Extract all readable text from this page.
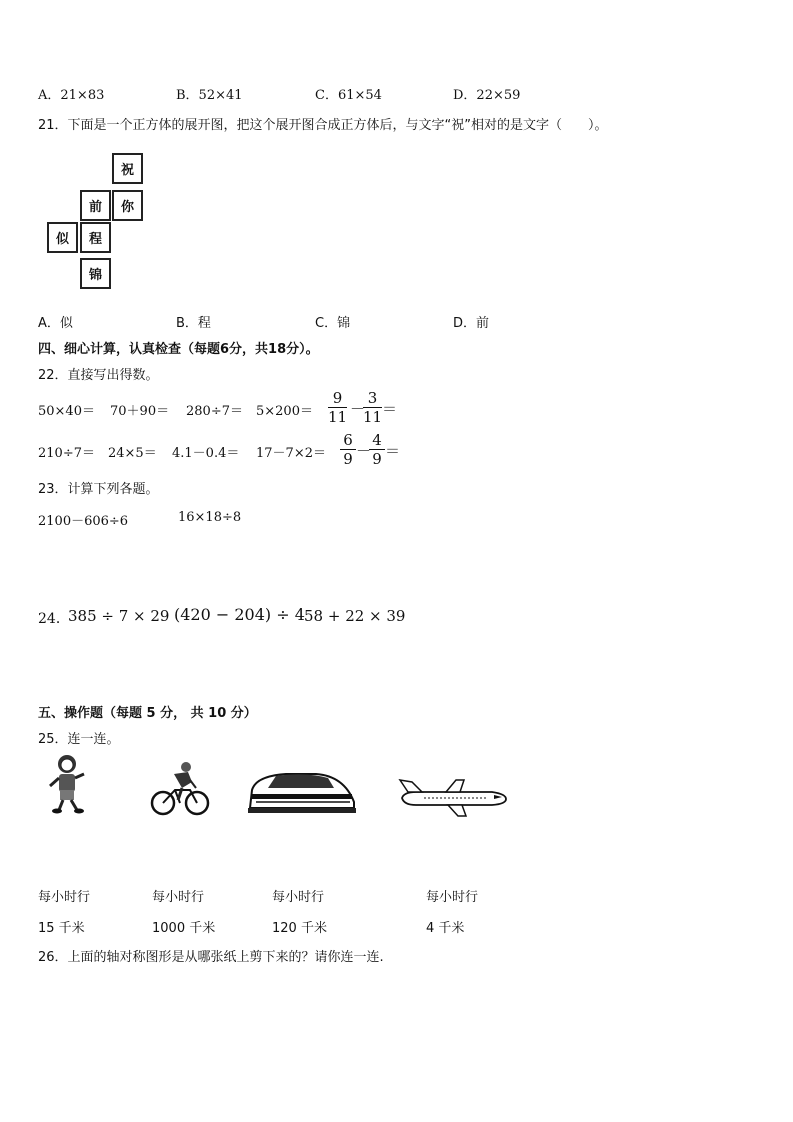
A．21×83	B．52×41	C．61×54	D．22×59
21．下面是一个正方体的展开图，把这个展开图合成正方体后，与文字“祝”相对的是文字（　　）。
祝
前	你
似	程
锦
A．似	B．程	C．锦	D．前
四、细心计算，认真检查（每题6分，共18分）。
22．直接写出得数。
50×40＝ 70＋90＝ 280÷7＝ 5×200＝
9
11 －
3
11 ＝
210÷7＝ 24×5＝ 4.1－0.4＝ 17－7×2＝
6
9 －
4
9 ＝
23．计算下列各题。
2100－606÷6	16×18÷8
24．
385 ÷ 7 × 29 (420 − 204) ÷ 4 58 + 22 × 39
五、操作题（每题 5 分， 共 10 分）
25．连一连。
每小时行	每小时行	每小时行	每小时行
15 千米	1000 千米	120 千米	4 千米
26．上面的轴对称图形是从哪张纸上剪下来的？请你连一连.
